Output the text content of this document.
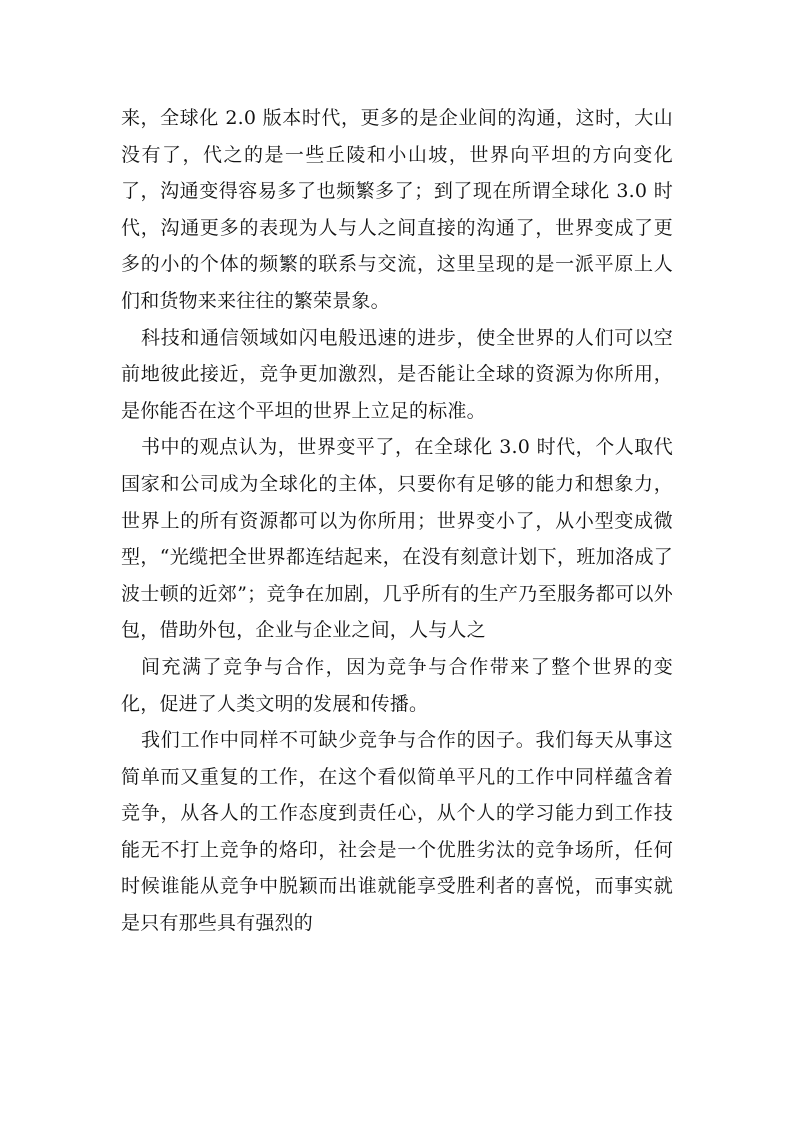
来，全球化 2.0 版本时代，更多的是企业间的沟通，这时，大山没有了，代之的是一些丘陵和小山坡，世界向平坦的方向变化了，沟通变得容易多了也频繁多了；到了现在所谓全球化 3.0 时代，沟通更多的表现为人与人之间直接的沟通了，世界变成了更多的小的个体的频繁的联系与交流，这里呈现的是一派平原上人们和货物来来往往的繁荣景象。

科技和通信领域如闪电般迅速的进步，使全世界的人们可以空前地彼此接近，竞争更加激烈，是否能让全球的资源为你所用，是你能否在这个平坦的世界上立足的标准。

书中的观点认为，世界变平了，在全球化 3.0 时代，个人取代国家和公司成为全球化的主体，只要你有足够的能力和想象力，世界上的所有资源都可以为你所用；世界变小了，从小型变成微型，“光缆把全世界都连结起来，在没有刻意计划下，班加洛成了波士顿的近郊”；竞争在加剧，几乎所有的生产乃至服务都可以外包，借助外包，企业与企业之间，人与人之

间充满了竞争与合作，因为竞争与合作带来了整个世界的变化，促进了人类文明的发展和传播。

我们工作中同样不可缺少竞争与合作的因子。我们每天从事这简单而又重复的工作，在这个看似简单平凡的工作中同样蕴含着竞争，从各人的工作态度到责任心，从个人的学习能力到工作技能无不打上竞争的烙印，社会是一个优胜劣汰的竞争场所，任何时候谁能从竞争中脱颖而出谁就能享受胜利者的喜悦，而事实就是只有那些具有强烈的
